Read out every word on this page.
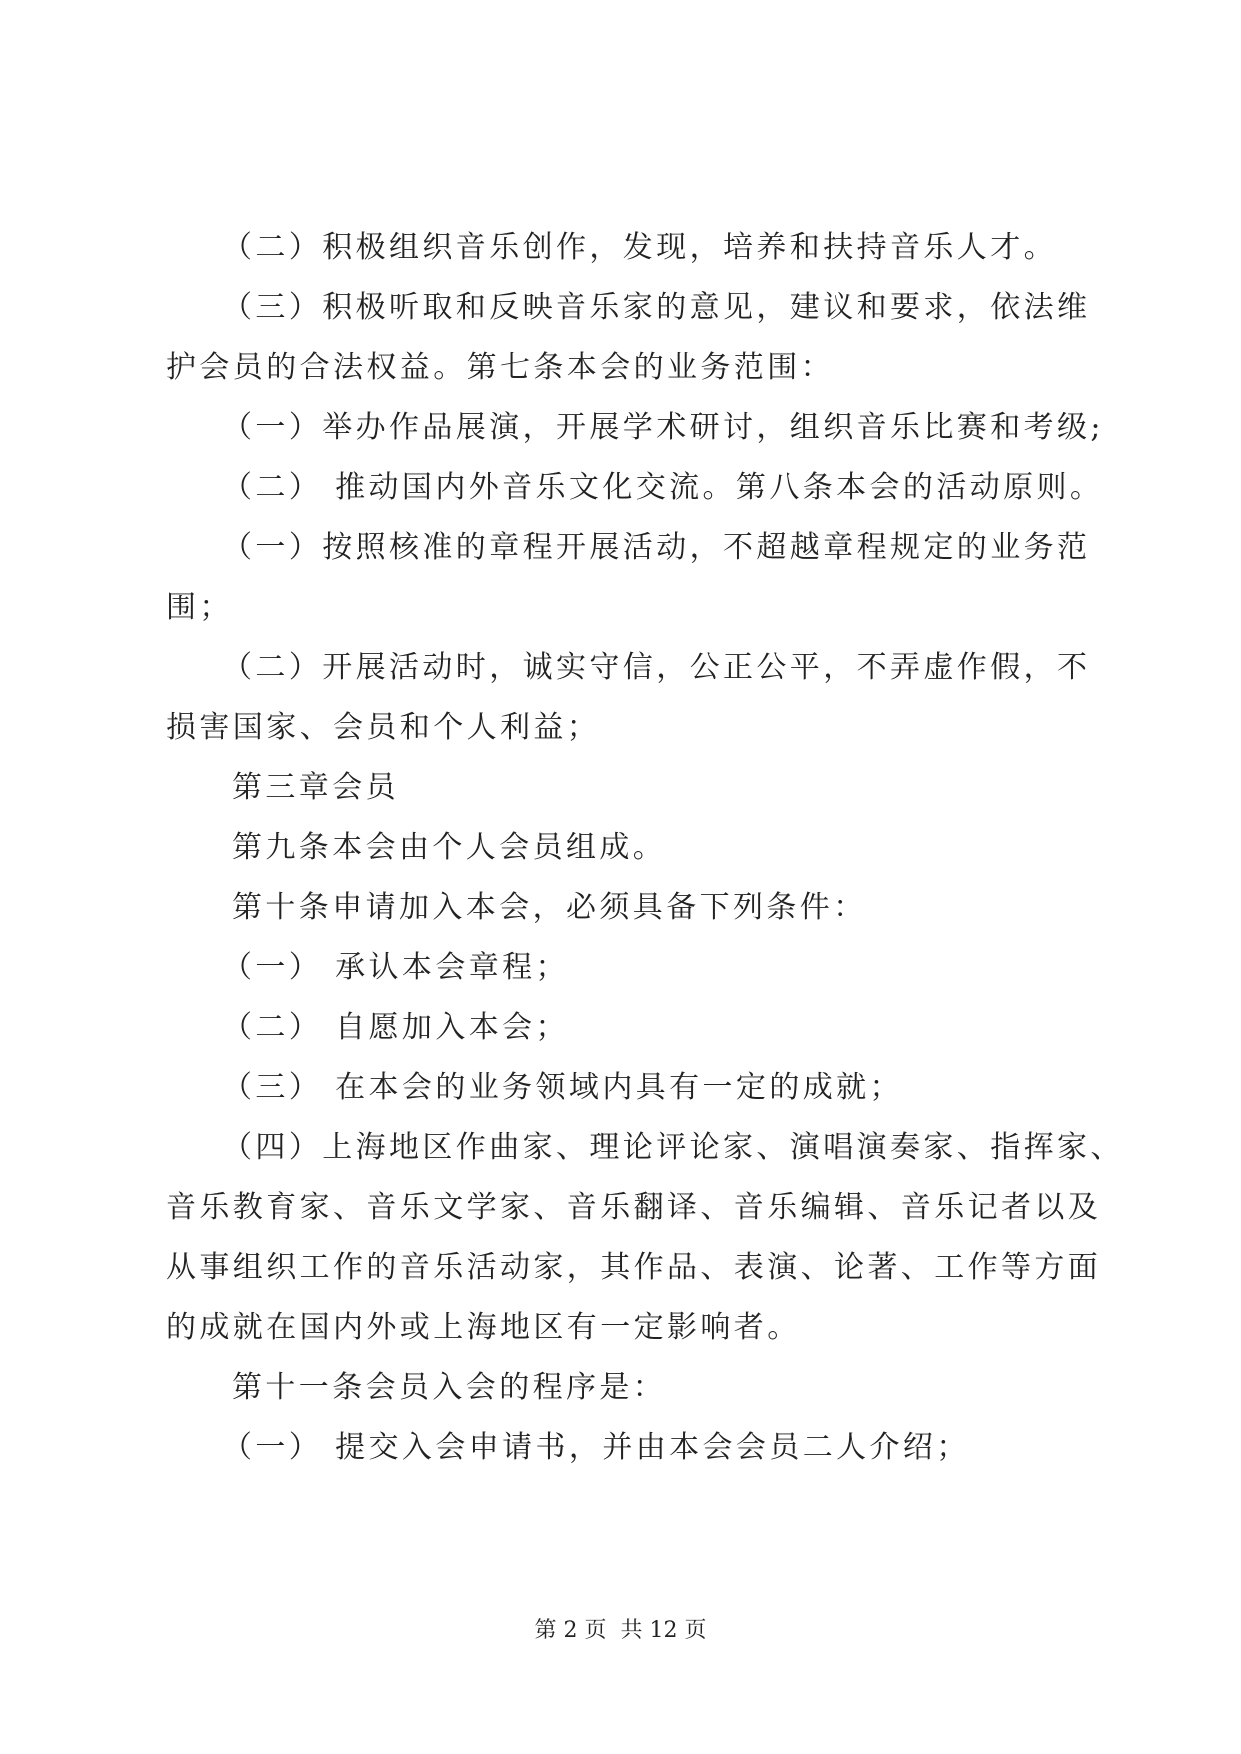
（二）积极组织音乐创作，发现，培养和扶持音乐人才。
（三）积极听取和反映音乐家的意见，建议和要求，依法维
护会员的合法权益。第七条本会的业务范围：
（一）举办作品展演，开展学术研讨，组织音乐比赛和考级;
（二） 推动国内外音乐文化交流。第八条本会的活动原则。
（一）按照核准的章程开展活动，不超越章程规定的业务范
围；
（二）开展活动时，诚实守信，公正公平，不弄虚作假，不
损害国家、会员和个人利益；
第三章会员
第九条本会由个人会员组成。
第十条申请加入本会，必须具备下列条件：
（一） 承认本会章程；
（二） 自愿加入本会；
（三） 在本会的业务领域内具有一定的成就；
（四）上海地区作曲家、理论评论家、演唱演奏家、指挥家、
音乐教育家、音乐文学家、音乐翻译、音乐编辑、音乐记者以及
从事组织工作的音乐活动家，其作品、表演、论著、工作等方面
的成就在国内外或上海地区有一定影响者。
第十一条会员入会的程序是：
（一） 提交入会申请书，并由本会会员二人介绍；
第 2 页  共 12 页
